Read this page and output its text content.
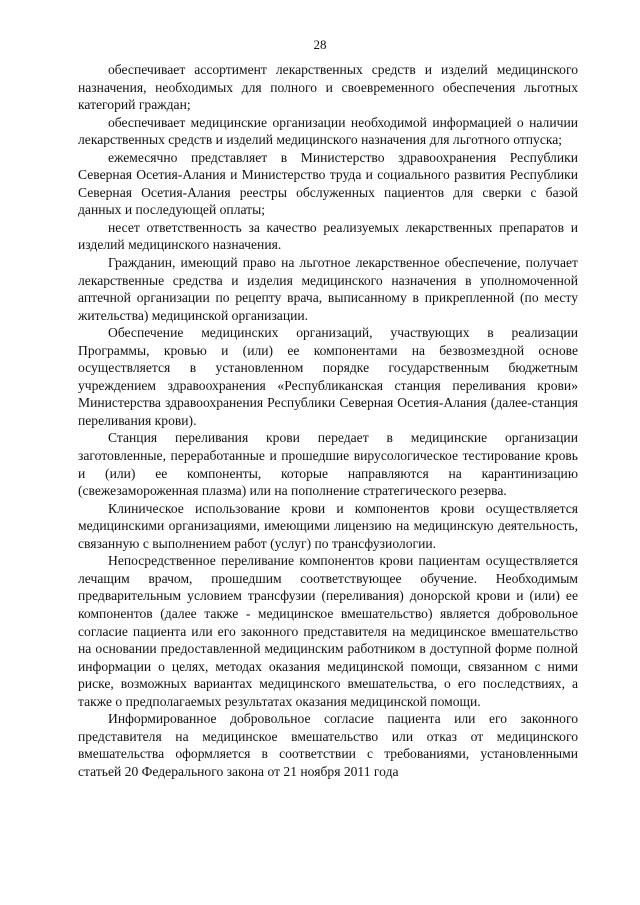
28

обеспечивает ассортимент лекарственных средств и изделий медицинского назначения, необходимых для полного и своевременного обеспечения льготных категорий граждан;

обеспечивает медицинские организации необходимой информацией о наличии лекарственных средств и изделий медицинского назначения для льготного отпуска;

ежемесячно представляет в Министерство здравоохранения Республики Северная Осетия-Алания и Министерство труда и социального развития Республики Северная Осетия-Алания реестры обслуженных пациентов для сверки с базой данных и последующей оплаты;

несет ответственность за качество реализуемых лекарственных препаратов и изделий медицинского назначения.

Гражданин, имеющий право на льготное лекарственное обеспечение, получает лекарственные средства и изделия медицинского назначения в уполномоченной аптечной организации по рецепту врача, выписанному в прикрепленной (по месту жительства) медицинской организации.

Обеспечение медицинских организаций, участвующих в реализации Программы, кровью и (или) ее компонентами на безвозмездной основе осуществляется в установленном порядке государственным бюджетным учреждением здравоохранения «Республиканская станция переливания крови» Министерства здравоохранения Республики Северная Осетия-Алания (далее-станция переливания крови).

Станция переливания крови передает в медицинские организации заготовленные, переработанные и прошедшие вирусологическое тестирование кровь и (или) ее компоненты, которые направляются на карантинизацию (свежезамороженная плазма) или на пополнение стратегического резерва.

Клиническое использование крови и компонентов крови осуществляется медицинскими организациями, имеющими лицензию на медицинскую деятельность, связанную с выполнением работ (услуг) по трансфузиологии.

Непосредственное переливание компонентов крови пациентам осуществляется лечащим врачом, прошедшим соответствующее обучение. Необходимым предварительным условием трансфузии (переливания) донорской крови и (или) ее компонентов (далее также - медицинское вмешательство) является добровольное согласие пациента или его законного представителя на медицинское вмешательство на основании предоставленной медицинским работником в доступной форме полной информации о целях, методах оказания медицинской помощи, связанном с ними риске, возможных вариантах медицинского вмешательства, о его последствиях, а также о предполагаемых результатах оказания медицинской помощи.

Информированное добровольное согласие пациента или его законного представителя на медицинское вмешательство или отказ от медицинского вмешательства оформляется в соответствии с требованиями, установленными статьей 20 Федерального закона от 21 ноября 2011 года
